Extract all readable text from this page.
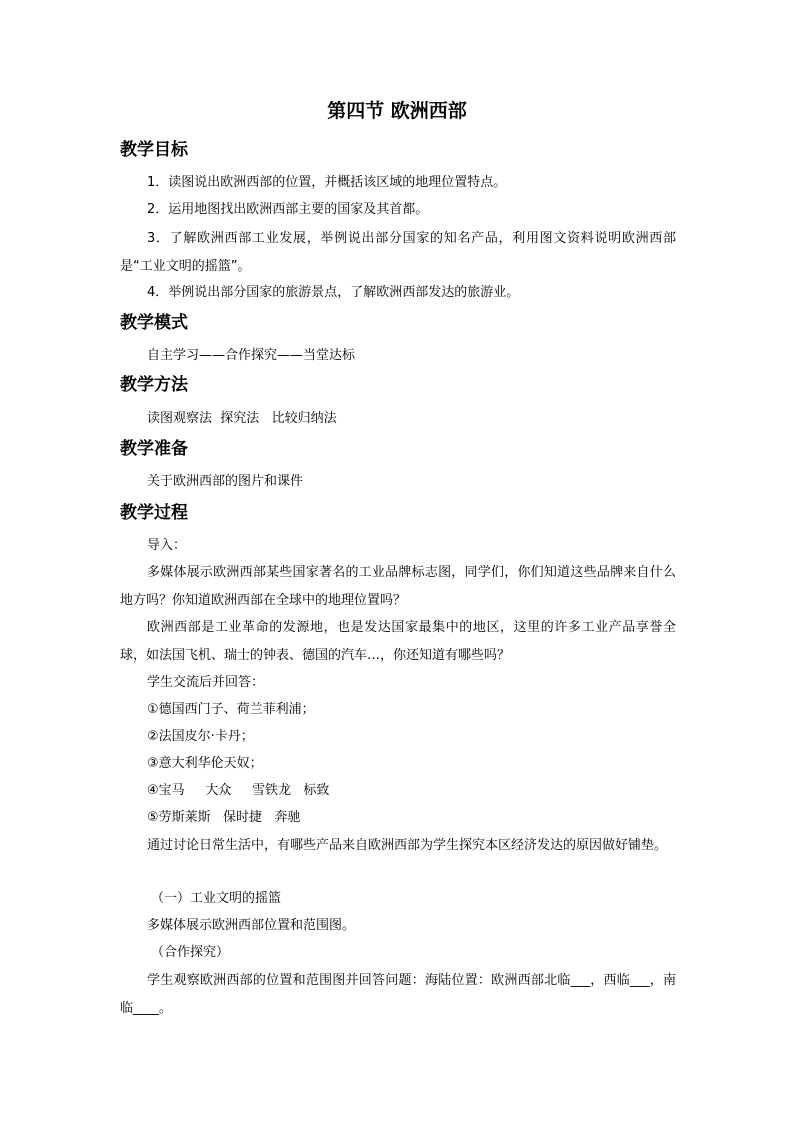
第四节 欧洲西部
教学目标
1．读图说出欧洲西部的位置，并概括该区域的地理位置特点。
2．运用地图找出欧洲西部主要的国家及其首都。
3．了解欧洲西部工业发展，举例说出部分国家的知名产品，利用图文资料说明欧洲西部是“工业文明的摇篮”。
4．举例说出部分国家的旅游景点，了解欧洲西部发达的旅游业。
教学模式
自主学习——合作探究——当堂达标
教学方法
读图观察法  探究法   比较归纳法
教学准备
关于欧洲西部的图片和课件
教学过程
导入：
多媒体展示欧洲西部某些国家著名的工业品牌标志图，同学们，你们知道这些品牌来自什么地方吗？你知道欧洲西部在全球中的地理位置吗？
欧洲西部是工业革命的发源地，也是发达国家最集中的地区，这里的许多工业产品享誉全球，如法国飞机、瑞士的钟表、德国的汽车…，你还知道有哪些吗？
学生交流后并回答：
①德国西门子、荷兰菲利浦；
②法国皮尔·卡丹；
③意大利华伦天奴；
④宝马     大众     雪铁龙   标致
⑤劳斯莱斯   保时捷   奔驰
通过讨论日常生活中，有哪些产品来自欧洲西部为学生探究本区经济发达的原因做好铺垫。
（一）工业文明的摇篮
多媒体展示欧洲西部位置和范围图。
（合作探究）
学生观察欧洲西部的位置和范围图并回答问题：海陆位置：欧洲西部北临___，西临___，南临____。
